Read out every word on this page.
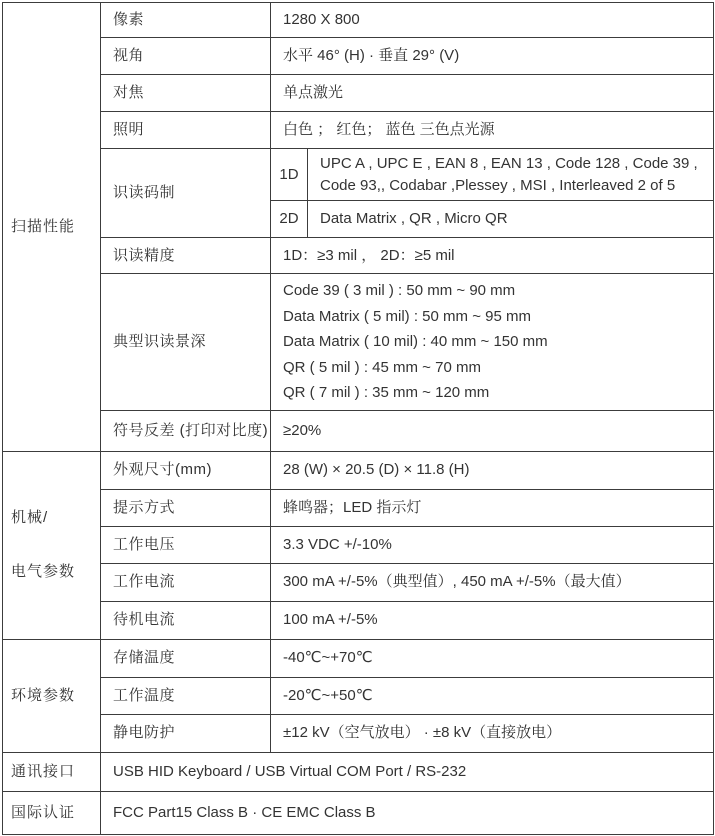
扫描性能	像素	1280 X 800	
	视角	水平 46° (H) · 垂直 29° (V)	
	对焦	单点激光	
	照明	白色 ； 红色； 蓝色 三色点光源	
	识读码制	1D	UPC A , UPC E , EAN 8 , EAN 13 , Code 128 , Code 39 , Code 93,, Codabar ,Plessey , MSI , Interleaved 2 of 5
		2D	Data Matrix , QR , Micro QR
	识读精度	1D：≥3 mil ， 2D：≥5 mil	
	典型识读景深	Code 39 ( 3 mil ) : 50 mm ~ 90 mm
Data Matrix ( 5 mil) : 50 mm ~ 95 mm
Data Matrix ( 10 mil) : 40 mm ~ 150 mm
QR ( 5 mil ) : 45 mm ~ 70 mm
QR ( 7 mil ) : 35 mm ~ 120 mm	

	符号反差 (打印对比度)	≥20%	

机械/
电气参数	外观尺寸(mm)	28 (W) × 20.5 (D) × 11.8 (H)	
	提示方式	蜂鸣器；LED 指示灯	
	工作电压	3.3 VDC +/-10%	
	工作电流	300 mA +/-5%（典型值）, 450 mA +/-5%（最大值）	
	待机电流	100 mA +/-5%	
环境参数	存储温度	-40℃~+70℃	
	工作温度	-20℃~+50℃	
	静电防护	±12 kV（空气放电） · ±8 kV（直接放电）	
通讯接口	USB HID Keyboard / USB Virtual COM Port / RS-232		
国际认证	FCC Part15 Class B · CE EMC Class B		
